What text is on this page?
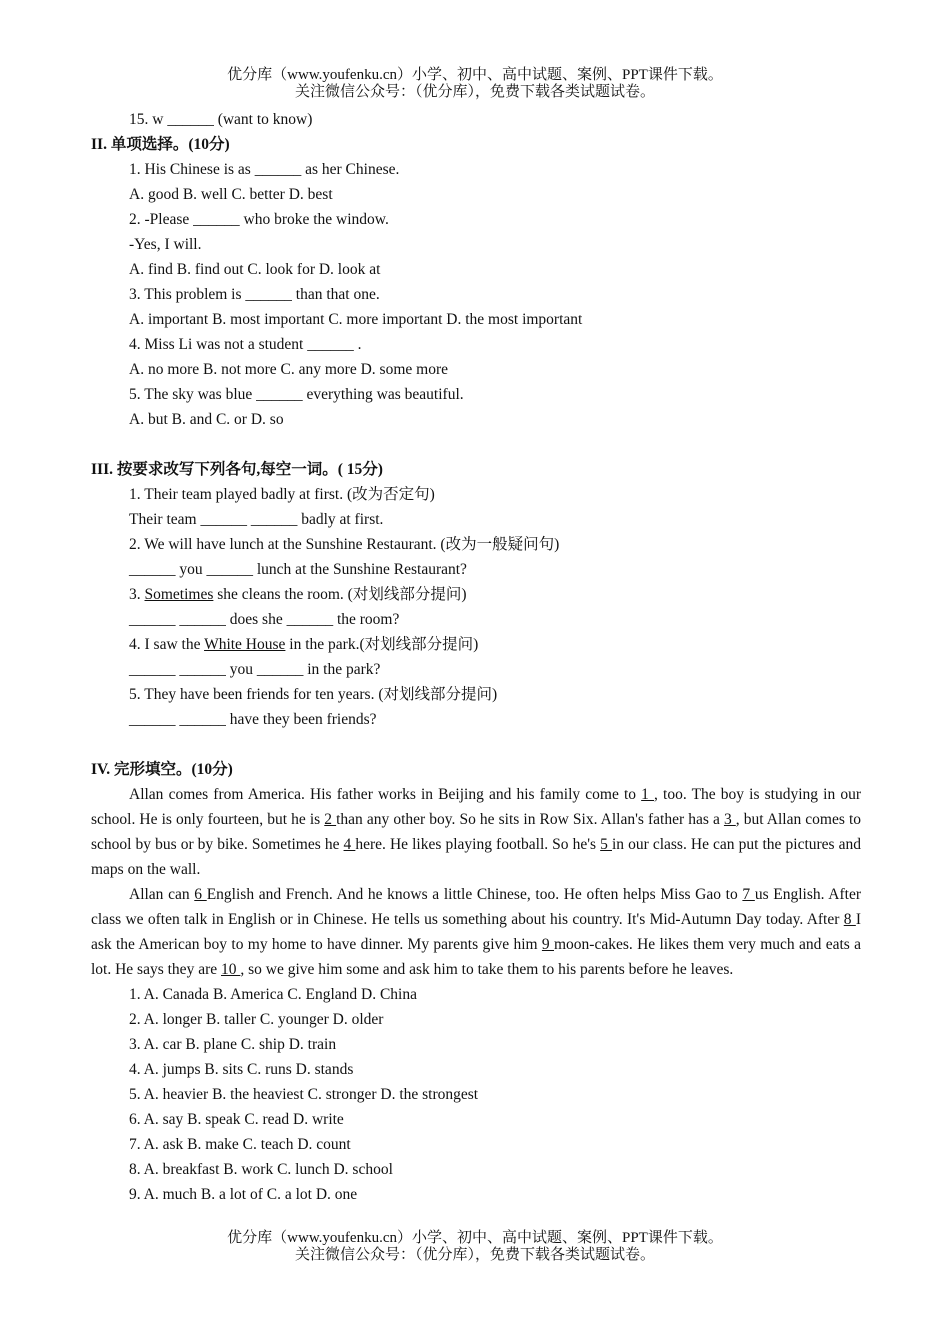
优分库（www.youfenku.cn）小学、初中、高中试题、案例、PPT课件下载。
关注微信公众号：（优分库），免费下载各类试题试卷。
15. w ______ (want to know)
II. 单项选择。(10分)
1. His Chinese is as ______ as her Chinese.
A. good B. well C. better D. best
2. -Please ______ who broke the window.
-Yes, I will.
A. find B. find out C. look for D. look at
3. This problem is ______ than that one.
A. important B. most important C. more important D. the most important
4. Miss Li was not a student ______ .
A. no more B. not more C. any more D. some more
5. The sky was blue ______ everything was beautiful.
A. but B. and C. or D. so
III. 按要求改写下列各句,每空一词。( 15分)
1. Their team played badly at first. (改为否定句)
Their team ______ ______ badly at first.
2. We will have lunch at the Sunshine Restaurant. (改为一般疑问句)
______ you ______ lunch at the Sunshine Restaurant?
3. Sometimes she cleans the room. (对划线部分提问)
______ ______ does she ______ the room?
4. I saw the White House in the park.(对划线部分提问)
______ ______ you ______ in the park?
5. They have been friends for ten years. (对划线部分提问)
______ ______ have they been friends?
IV. 完形填空。(10分)
Allan comes from America. His father works in Beijing and his family come to 1 , too. The boy is studying in our school. He is only fourteen, but he is 2 than any other boy. So he sits in Row Six. Allan's father has a 3 , but Allan comes to school by bus or by bike. Sometimes he 4 here. He likes playing football. So he's 5 in our class. He can put the pictures and maps on the wall.
Allan can 6 English and French. And he knows a little Chinese, too. He often helps Miss Gao to 7 us English. After class we often talk in English or in Chinese. He tells us something about his country. It's Mid-Autumn Day today. After 8 I ask the American boy to my home to have dinner. My parents give him 9 moon-cakes. He likes them very much and eats a lot. He says they are 10 , so we give him some and ask him to take them to his parents before he leaves.
1. A. Canada B. America C. England D. China
2. A. longer B. taller C. younger D. older
3. A. car B. plane C. ship D. train
4. A. jumps B. sits C. runs D. stands
5. A. heavier B. the heaviest C. stronger D. the strongest
6. A. say B. speak C. read D. write
7. A. ask B. make C. teach D. count
8. A. breakfast B. work C. lunch D. school
9. A. much B. a lot of C. a lot D. one
优分库（www.youfenku.cn）小学、初中、高中试题、案例、PPT课件下载。
关注微信公众号：（优分库），免费下载各类试题试卷。
